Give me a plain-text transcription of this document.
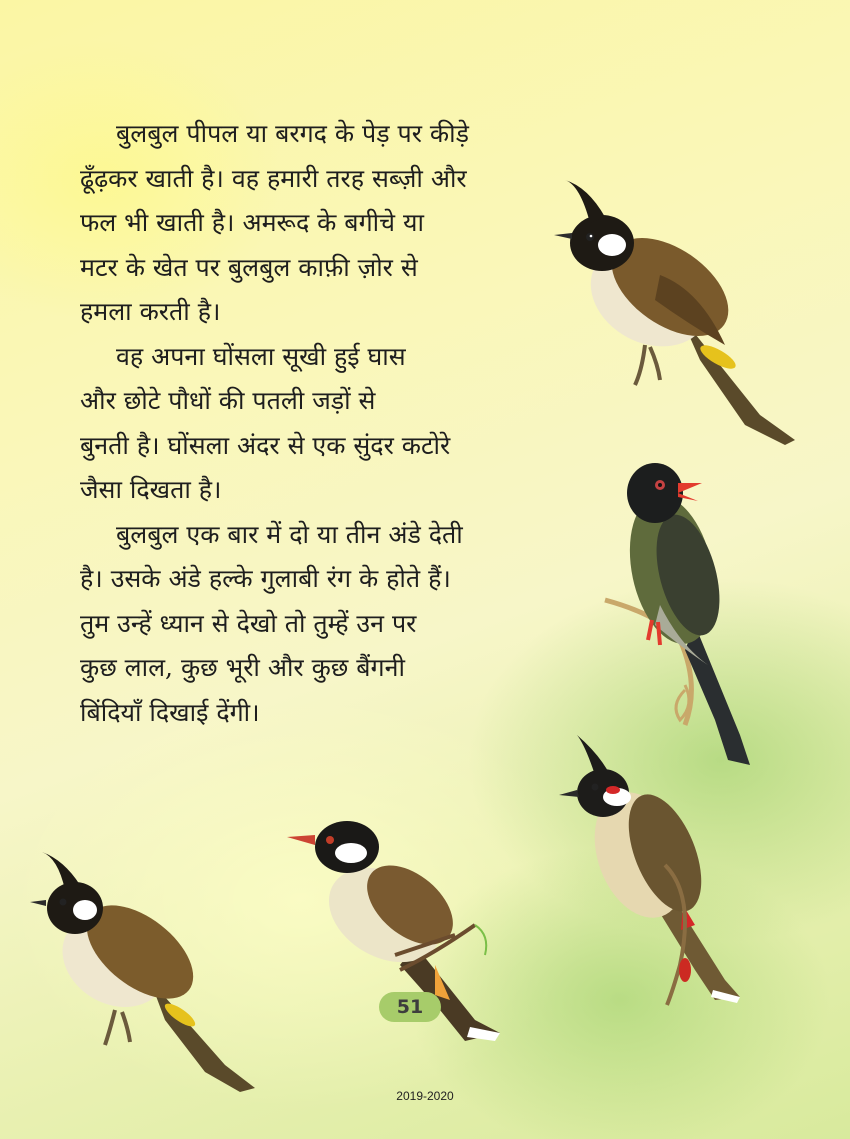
बुलबुल पीपल या बरगद के पेड़ पर कीड़े
ढूँढ़कर खाती है। वह हमारी तरह सब्ज़ी और
फल भी खाती है। अमरूद के बगीचे या
मटर के खेत पर बुलबुल काफ़ी ज़ोर से
हमला करती है।

वह अपना घोंसला सूखी हुई घास
और छोटे पौधों की पतली जड़ों से
बुनती है। घोंसला अंदर से एक सुंदर कटोरे
जैसा दिखता है।

बुलबुल एक बार में दो या तीन अंडे देती
है। उसके अंडे हल्के गुलाबी रंग के होते हैं।
तुम उन्हें ध्यान से देखो तो तुम्हें उन पर
कुछ लाल, कुछ भूरी और कुछ बैंगनी
बिंदियाँ दिखाई देंगी।

51
2019-2020
